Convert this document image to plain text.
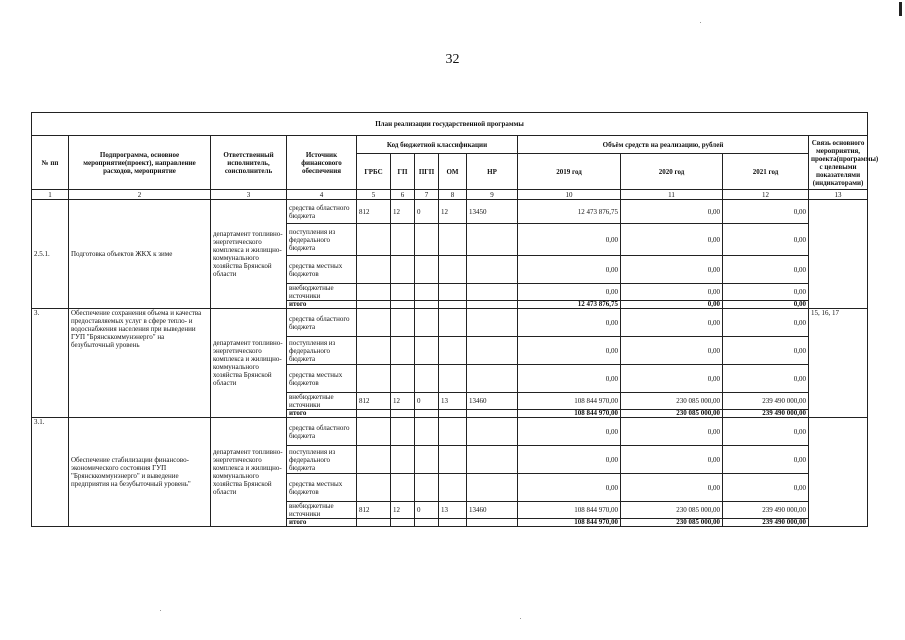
32
План реализации государственной программы												
№ пп	Подпрограмма, основное мероприятие(проект), направление расходов, мероприятие	Ответственный исполнитель, соисполнитель	Источник финансового обеспечения	Код бюджетной классификации					Объём средств на реализацию, рублей			Связь основного мероприятия, проекта(программы) с целевыми показателями (индикаторами)
				ГРБС	ГП	ПГП	ОМ	НР	2019 год	2020 год	2021 год	
1	2	3	4	5	6	7	8	9	10	11	12	13
2.5.1.	Подготовка объектов ЖКХ к зиме	департамент топливно-энергетического комплекса и жилищно-коммунального хозяйства Брянской области	средства областного бюджета	812	12	0	12	13450	12 473 876,75	0,00	0,00	
			поступления из федерального бюджета						0,00	0,00	0,00	
			средства местных бюджетов						0,00	0,00	0,00	
			внебюджетные источники						0,00	0,00	0,00	
			итого						12 473 876,75	0,00	0,00	
3.	Обеспечение сохранения объема и качества предоставляемых услуг в сфере тепло- и водоснабжения населения при выведении ГУП "Брянсккоммунэнерго" на безубыточный уровень	департамент топливно-энергетического комплекса и жилищно-коммунального хозяйства Брянской области	средства областного бюджета						0,00	0,00	0,00	15, 16, 17
			поступления из федерального бюджета						0,00	0,00	0,00	
			средства местных бюджетов						0,00	0,00	0,00	
			внебюджетные источники	812	12	0	13	13460	108 844 970,00	230 085 000,00	239 490 000,00	
			итого						108 844 970,00	230 085 000,00	239 490 000,00	
3.1.	Обеспечение стабилизации финансово-экономического состояния ГУП "Брянсккоммунэнерго" и выведение предприятия на безубыточный уровень"	департамент топливно-энергетического комплекса и жилищно-коммунального хозяйства Брянской области	средства областного бюджета						0,00	0,00	0,00	
			поступления из федерального бюджета						0,00	0,00	0,00	
			средства местных бюджетов						0,00	0,00	0,00	
			внебюджетные источники	812	12	0	13	13460	108 844 970,00	230 085 000,00	239 490 000,00	
			итого						108 844 970,00	230 085 000,00	239 490 000,00	
